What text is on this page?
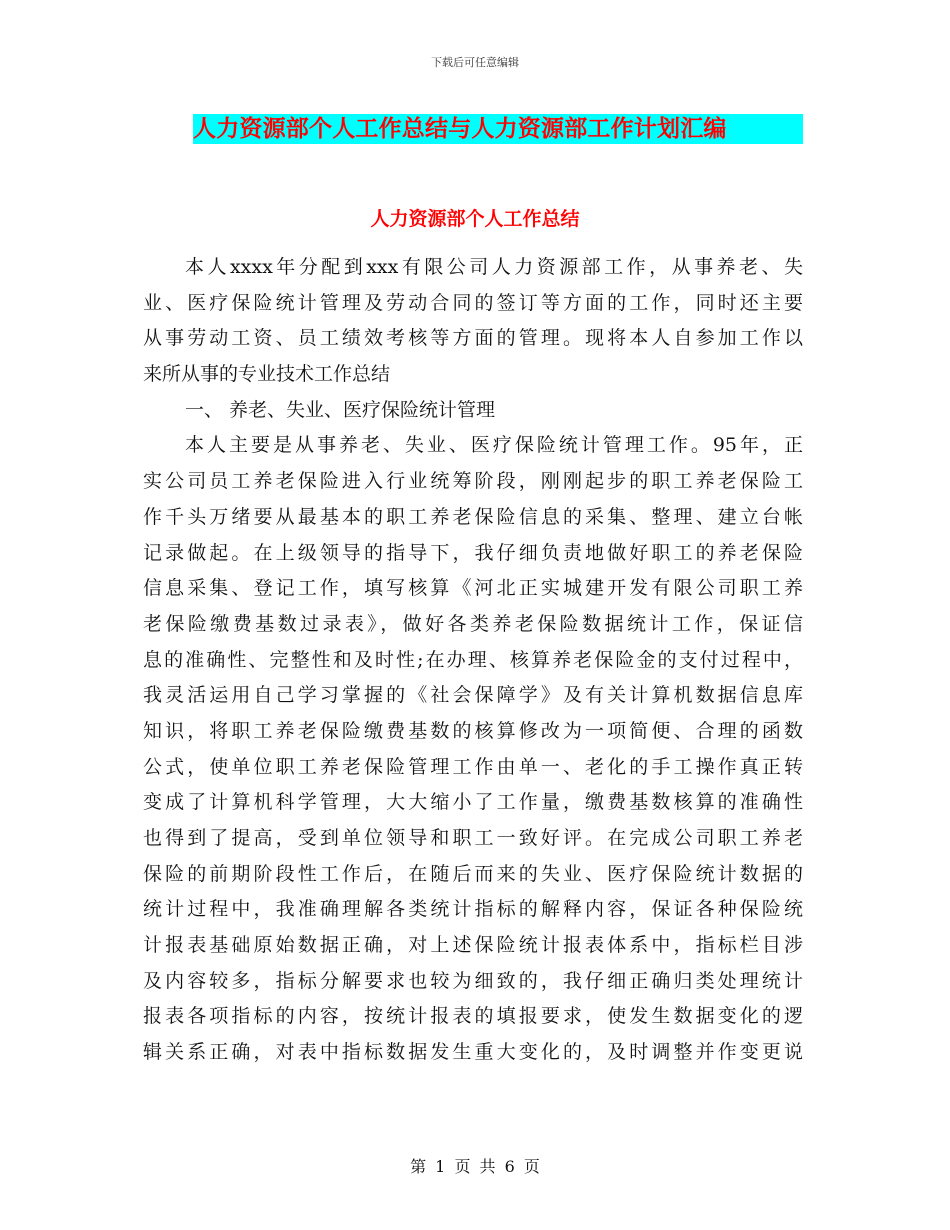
下载后可任意编辑
人力资源部个人工作总结与人力资源部工作计划汇编
人力资源部个人工作总结
本人xxxx年分配到xxx有限公司人力资源部工作，从事养老、失
业、医疗保险统计管理及劳动合同的签订等方面的工作，同时还主要
从事劳动工资、员工绩效考核等方面的管理。现将本人自参加工作以
来所从事的专业技术工作总结
一、 养老、失业、医疗保险统计管理
本人主要是从事养老、失业、医疗保险统计管理工作。95年，正
实公司员工养老保险进入行业统筹阶段，刚刚起步的职工养老保险工
作千头万绪要从最基本的职工养老保险信息的采集、整理、建立台帐
记录做起。在上级领导的指导下，我仔细负责地做好职工的养老保险
信息采集、登记工作，填写核算《河北正实城建开发有限公司职工养
老保险缴费基数过录表》，做好各类养老保险数据统计工作，保证信
息的准确性、完整性和及时性;在办理、核算养老保险金的支付过程中，
我灵活运用自己学习掌握的《社会保障学》及有关计算机数据信息库
知识，将职工养老保险缴费基数的核算修改为一项简便、合理的函数
公式，使单位职工养老保险管理工作由单一、老化的手工操作真正转
变成了计算机科学管理，大大缩小了工作量，缴费基数核算的准确性
也得到了提高，受到单位领导和职工一致好评。在完成公司职工养老
保险的前期阶段性工作后，在随后而来的失业、医疗保险统计数据的
统计过程中，我准确理解各类统计指标的解释内容，保证各种保险统
计报表基础原始数据正确，对上述保险统计报表体系中，指标栏目涉
及内容较多，指标分解要求也较为细致的，我仔细正确归类处理统计
报表各项指标的内容，按统计报表的填报要求，使发生数据变化的逻
辑关系正确，对表中指标数据发生重大变化的，及时调整并作变更说
第 1 页 共 6 页
